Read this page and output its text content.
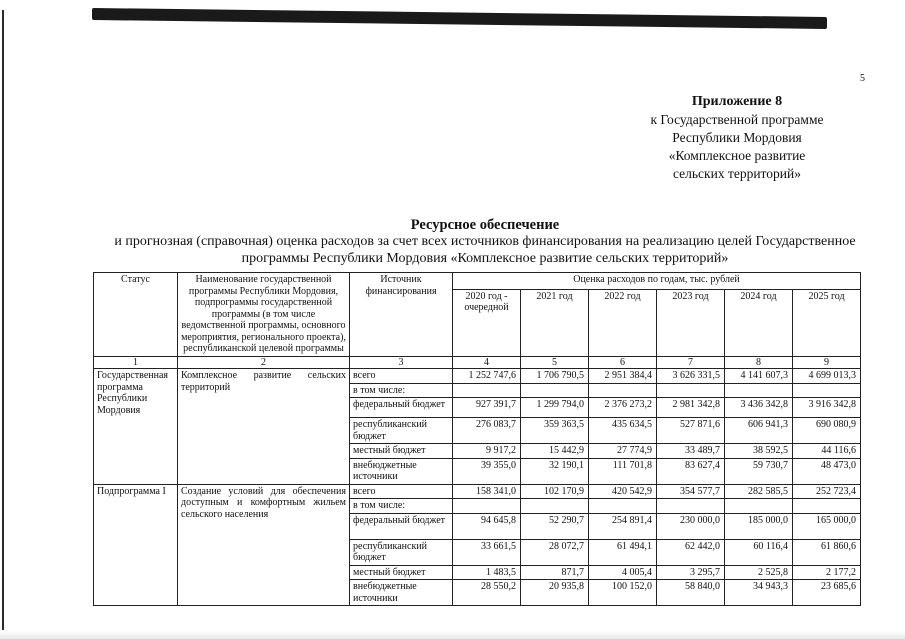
5
Приложение 8
к Государственной программе
Республики Мордовия
«Комплексное развитие
сельских территорий»
Ресурсное обеспечение
и прогнозная (справочная) оценка расходов за счет всех источников финансирования на реализацию целей Государственное программы Республики Мордовия «Комплексное развитие сельских территорий»
Статус	Наименование государственной программы Республики Мордовия, подпрограммы государственной программы (в том числе ведомственной программы, основного мероприятия, регионального проекта), республиканской целевой программы	Источник финансирования	Оценка расходов по годам, тыс. рублей					
			2020 год - очередной	2021 год	2022 год	2023 год	2024 год	2025 год
1	2	3	4	5	6	7	8	9
Государственная программа Республики Мордовия	Комплексное развитие сельских территорий	всего	1 252 747,6	1 706 790,5	2 951 384,4	3 626 331,5	4 141 607,3	4 699 013,3
		в том числе:						
		федеральный бюджет	927 391,7	1 299 794,0	2 376 273,2	2 981 342,8	3 436 342,8	3 916 342,8
		республиканский бюджет	276 083,7	359 363,5	435 634,5	527 871,6	606 941,3	690 080,9
		местный бюджет	9 917,2	15 442,9	27 774,9	33 489,7	38 592,5	44 116,6
		внебюджетные источники	39 355,0	32 190,1	111 701,8	83 627,4	59 730,7	48 473,0
Подпрограмма I	Создание условий для обеспечения доступным и комфортным жильем сельского населения	всего	158 341,0	102 170,9	420 542,9	354 577,7	282 585,5	252 723,4
		в том числе:						
		федеральный бюджет	94 645,8	52 290,7	254 891,4	230 000,0	185 000,0	165 000,0
		республиканский бюджет	33 661,5	28 072,7	61 494,1	62 442,0	60 116,4	61 860,6
		местный бюджет	1 483,5	871,7	4 005,4	3 295,7	2 525,8	2 177,2
		внебюджетные источники	28 550,2	20 935,8	100 152,0	58 840,0	34 943,3	23 685,6
